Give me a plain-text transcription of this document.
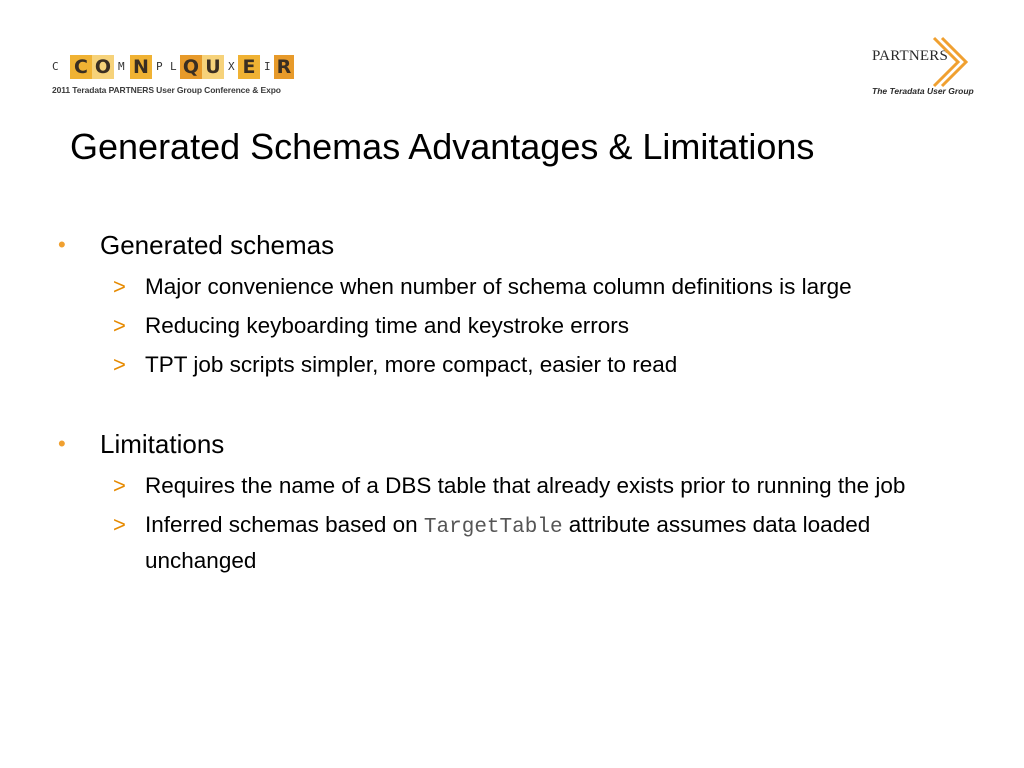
C C O M N P L Q U X E I R
2011 Teradata PARTNERS User Group Conference & Expo
PARTNERS
The Teradata User Group
Generated Schemas Advantages & Limitations
• Generated schemas
> Major convenience when number of schema column definitions is large
> Reducing keyboarding time and keystroke errors
> TPT job scripts simpler, more compact, easier to read
• Limitations
> Requires the name of a DBS table that already exists prior to running the job
> Inferred schemas based on TargetTable attribute assumes data loaded unchanged
